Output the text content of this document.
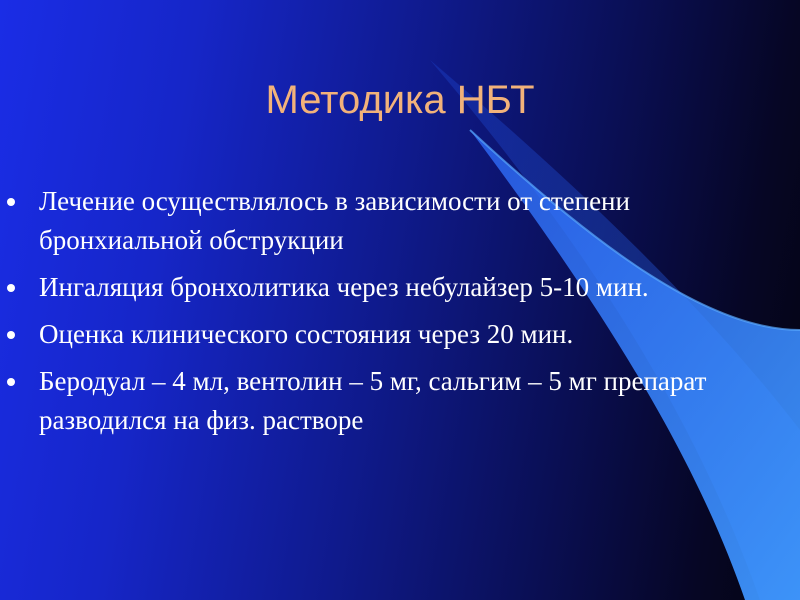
Методика НБТ
Лечение осуществлялось в зависимости от степени бронхиальной обструкции
Ингаляция бронхолитика через небулайзер 5-10 мин.
Оценка клинического состояния через 20 мин.
Беродуал – 4 мл, вентолин – 5 мг, сальгим – 5 мг препарат разводился на физ. растворе
